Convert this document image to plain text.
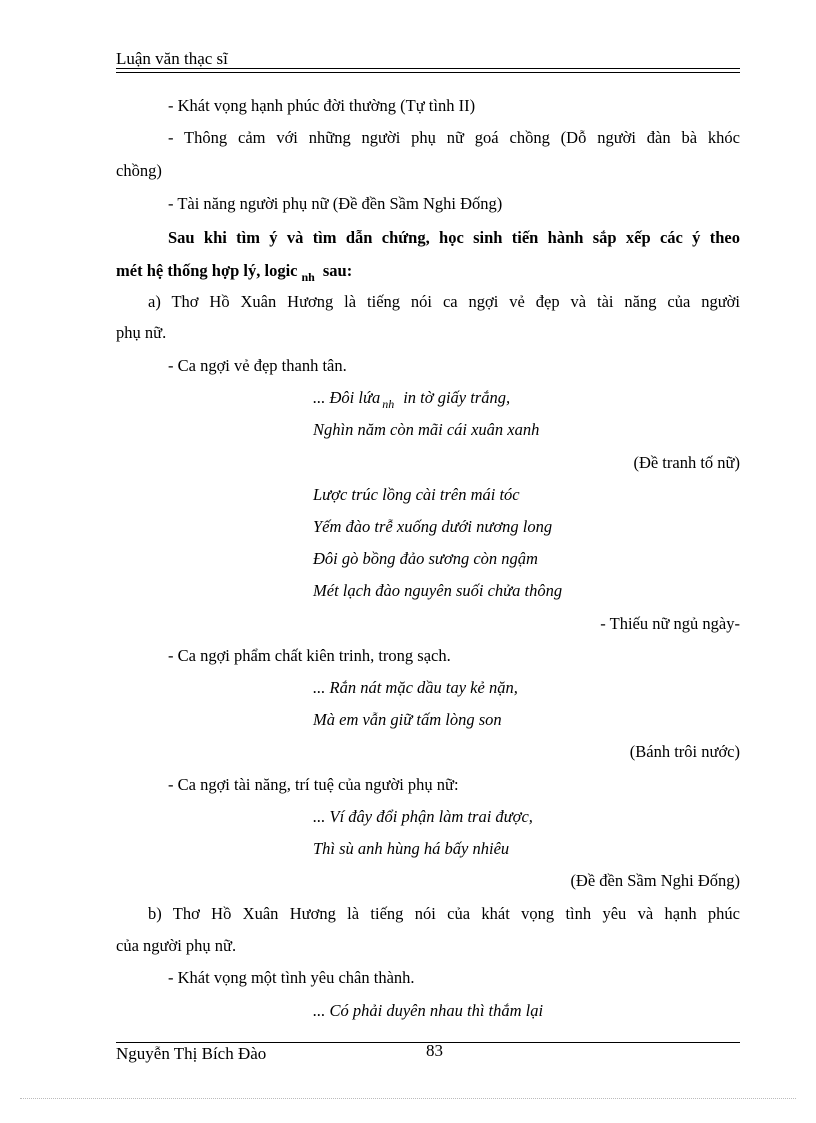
Luận văn thạc sĩ
- Khát vọng hạnh phúc đời thường (Tự tình II)
- Thông cảm với những người phụ nữ goá chồng (Dỗ người đàn bà khóc
chồng)
- Tài năng người phụ nữ (Đề đền Sầm Nghi Đống)
Sau khi tìm ý và tìm dẫn chứng, học sinh tiến hành sắp xếp các ý theo
mét hệ thống hợp lý, logic $_{nh}$ sau:
a) Thơ Hồ Xuân Hương là tiếng nói ca ngợi vẻ đẹp và tài năng của người
phụ nữ.
- Ca ngợi vẻ đẹp thanh tân.
... Đôi lứa $_{nh}$ in tờ giấy trắng,
Nghìn năm còn mãi cái xuân xanh
(Đề tranh tố nữ)
Lược trúc lồng cài trên mái tóc
Yếm đào trễ xuống dưới nương long
Đôi gò bồng đảo sương còn ngậm
Mét lạch đào nguyên suối chửa thông
- Thiếu nữ ngủ ngày-
- Ca ngợi phẩm chất kiên trinh, trong sạch.
... Rắn nát mặc dầu tay kẻ nặn,
Mà em vẫn giữ tấm lòng son
(Bánh trôi nước)
- Ca ngợi tài năng, trí tuệ của người phụ nữ:
... Ví đây đổi phận làm trai được,
Thì sù anh hùng há bấy nhiêu
(Đề đền Sầm Nghi Đống)
b) Thơ Hồ Xuân Hương là tiếng nói của khát vọng tình yêu và hạnh phúc
của người phụ nữ.
- Khát vọng một tình yêu chân thành.
... Có phải duyên nhau thì thắm lại
Nguyễn Thị Bích Đào	83
